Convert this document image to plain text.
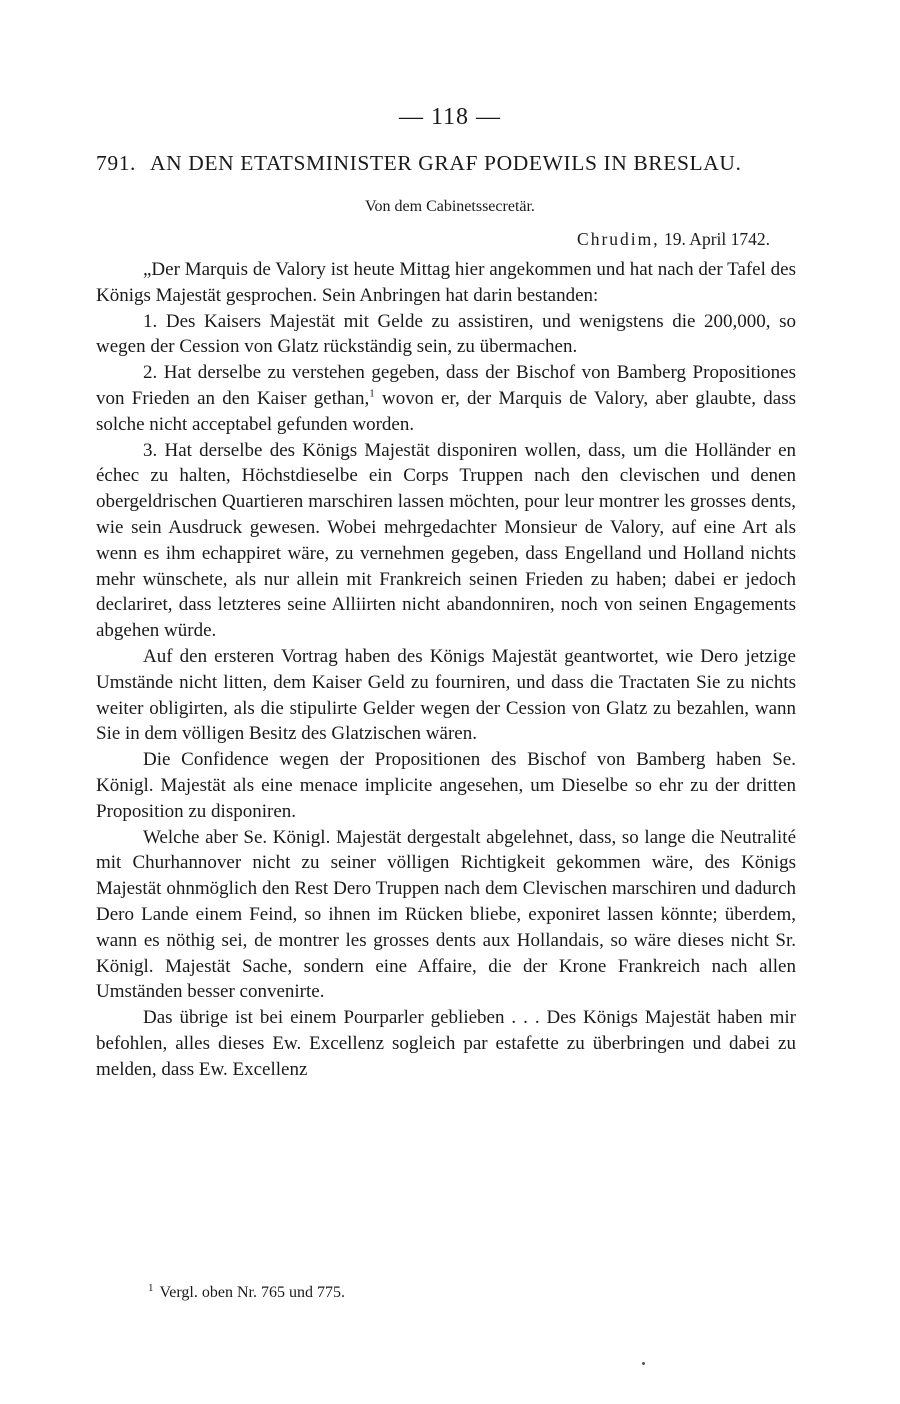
— 118 —
791. AN DEN ETATSMINISTER GRAF PODEWILS IN BRESLAU.
Von dem Cabinetssecretär.
Chrudim, 19. April 1742.

„Der Marquis de Valory ist heute Mittag hier angekommen und hat nach der Tafel des Königs Majestät gesprochen. Sein Anbringen hat darin bestanden:

1. Des Kaisers Majestät mit Gelde zu assistiren, und wenigstens die 200,000, so wegen der Cession von Glatz rückständig sein, zu übermachen.

2. Hat derselbe zu verstehen gegeben, dass der Bischof von Bamberg Propositiones von Frieden an den Kaiser gethan,$^1$ wovon er, der Marquis de Valory, aber glaubte, dass solche nicht acceptabel gefunden worden.

3. Hat derselbe des Königs Majestät disponiren wollen, dass, um die Holländer en échec zu halten, Höchstdieselbe ein Corps Truppen nach den clevischen und denen obergeldrischen Quartieren marschiren lassen möchten, pour leur montrer les grosses dents, wie sein Ausdruck gewesen. Wobei mehrgedachter Monsieur de Valory, auf eine Art als wenn es ihm echappiret wäre, zu vernehmen gegeben, dass Engelland und Holland nichts mehr wünschete, als nur allein mit Frankreich seinen Frieden zu haben; dabei er jedoch declariret, dass letzteres seine Alliirten nicht abandonniren, noch von seinen Engagements abgehen würde.

Auf den ersteren Vortrag haben des Königs Majestät geantwortet, wie Dero jetzige Umstände nicht litten, dem Kaiser Geld zu fourniren, und dass die Tractaten Sie zu nichts weiter obligirten, als die stipulirte Gelder wegen der Cession von Glatz zu bezahlen, wann Sie in dem völligen Besitz des Glatzischen wären.

Die Confidence wegen der Propositionen des Bischof von Bamberg haben Se. Königl. Majestät als eine menace implicite angesehen, um Dieselbe so ehr zu der dritten Proposition zu disponiren.

Welche aber Se. Königl. Majestät dergestalt abgelehnet, dass, so lange die Neutralité mit Churhannover nicht zu seiner völligen Richtigkeit gekommen wäre, des Königs Majestät ohnmöglich den Rest Dero Truppen nach dem Clevischen marschiren und dadurch Dero Lande einem Feind, so ihnen im Rücken bliebe, exponiret lassen könnte; überdem, wann es nöthig sei, de montrer les grosses dents aux Hollandais, so wäre dieses nicht Sr. Königl. Majestät Sache, sondern eine Affaire, die der Krone Frankreich nach allen Umständen besser convenirte.

Das übrige ist bei einem Pourparler geblieben . . . Des Königs Majestät haben mir befohlen, alles dieses Ew. Excellenz sogleich par estafette zu überbringen und dabei zu melden, dass Ew. Excellenz

$^1$ Vergl. oben Nr. 765 und 775.
